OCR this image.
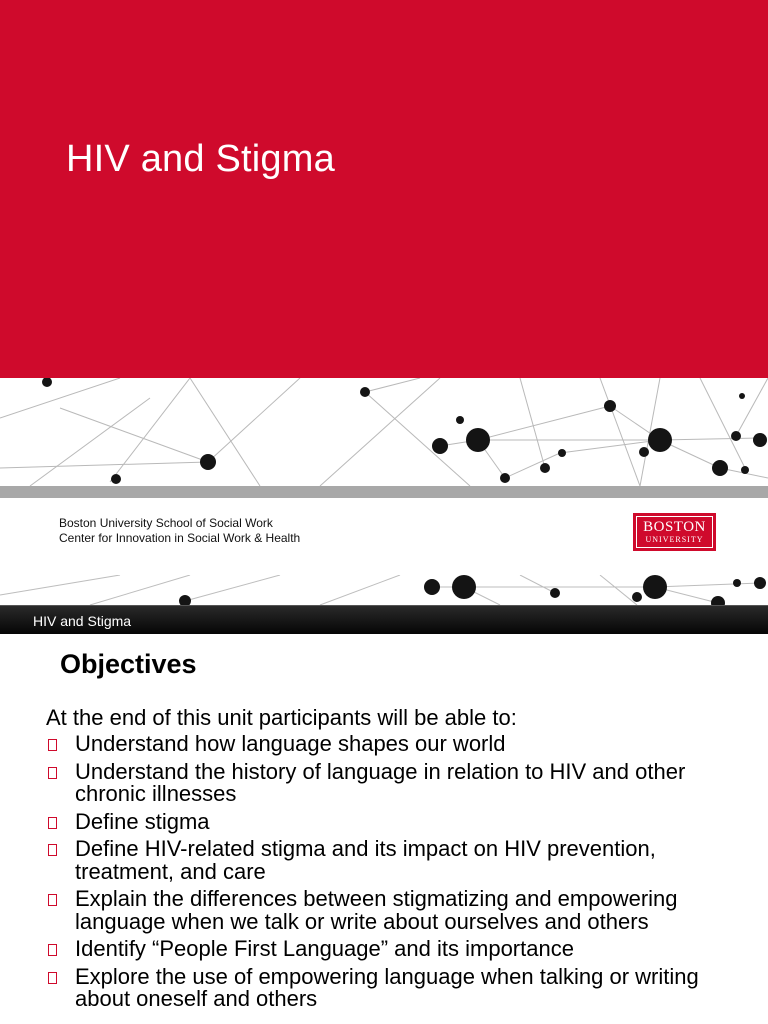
HIV and Stigma
Boston University School of Social Work
Center for Innovation in Social Work & Health
BOSTON
UNIVERSITY
HIV and Stigma
Objectives
At the end of this unit participants will be able to:
Understand how language shapes our world
Understand the history of language in relation to HIV and other chronic illnesses
Define stigma
Define HIV-related stigma and its impact on HIV prevention, treatment, and care
Explain the differences between stigmatizing and empowering language when we talk or write about ourselves and others
Identify “People First Language” and its importance
Explore the use of empowering language when talking or writing about oneself and others
